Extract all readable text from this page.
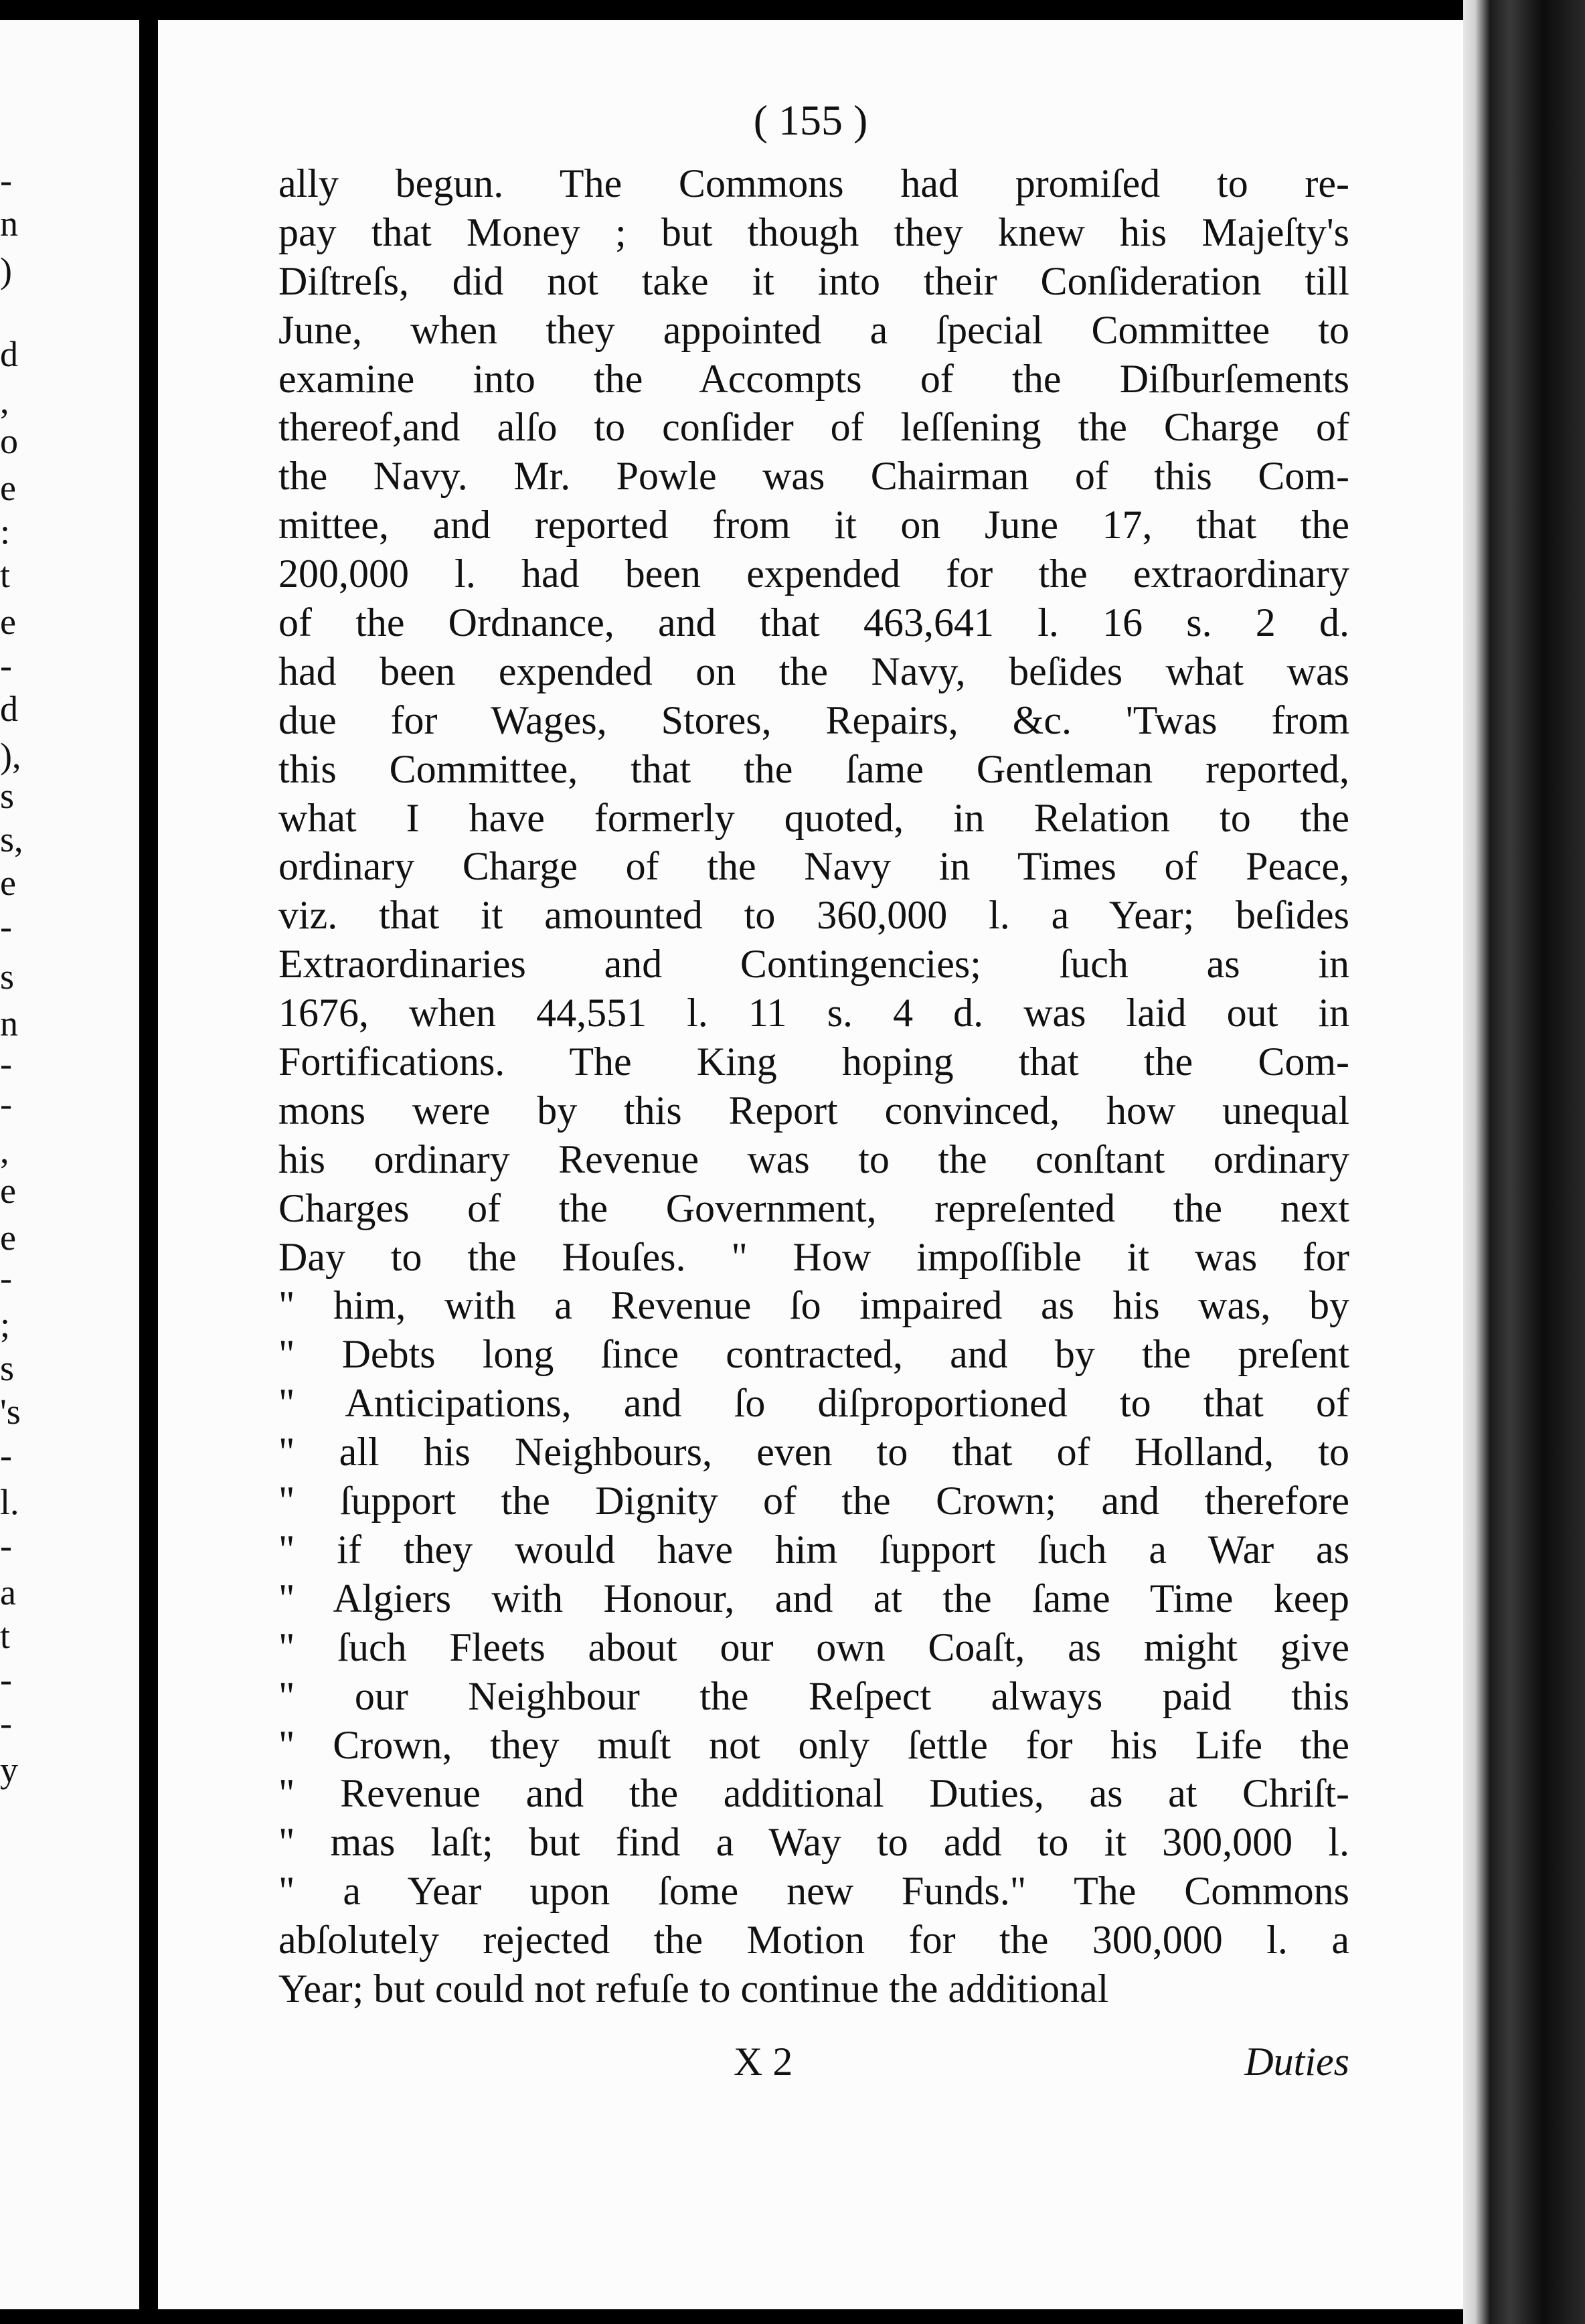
-
n
)
d
,
o
e
:
t
e
-
d
),
s
s,
e
-
s
n
-
-
,
e
e
-
;
s
's
-
l.
-
a
t
-
-
y
( 155 )
ally begun. The Commons had promiſed to re-
pay that Money ; but though they knew his Majeſty's
Diſtreſs, did not take it into their Conſideration till
June, when they appointed a ſpecial Committee to
examine into the Accompts of the Diſburſements
thereof,and alſo to conſider of leſſening the Charge of
the Navy. Mr. Powle was Chairman of this Com-
mittee, and reported from it on June 17, that the
200,000 l. had been expended for the extraordinary
of the Ordnance, and that 463,641 l. 16 s. 2 d.
had been expended on the Navy, beſides what was
due for Wages, Stores, Repairs, &c. 'Twas from
this Committee, that the ſame Gentleman reported,
what I have formerly quoted, in Relation to the
ordinary Charge of the Navy in Times of Peace,
viz. that it amounted to 360,000 l. a Year; beſides
Extraordinaries and Contingencies; ſuch as in
1676, when 44,551 l. 11 s. 4 d. was laid out in
Fortifications. The King hoping that the Com-
mons were by this Report convinced, how unequal
his ordinary Revenue was to the conſtant ordinary
Charges of the Government, repreſented the next
Day to the Houſes. " How impoſſible it was for
" him, with a Revenue ſo impaired as his was, by
" Debts long ſince contracted, and by the preſent
" Anticipations, and ſo diſproportioned to that of
" all his Neighbours, even to that of Holland, to
" ſupport the Dignity of the Crown; and therefore
" if they would have him ſupport ſuch a War as
" Algiers with Honour, and at the ſame Time keep
" ſuch Fleets about our own Coaſt, as might give
" our Neighbour the Reſpect always paid this
" Crown, they muſt not only ſettle for his Life the
" Revenue and the additional Duties, as at Chriſt-
" mas laſt; but find a Way to add to it 300,000 l.
" a Year upon ſome new Funds." The Commons
abſolutely rejected the Motion for the 300,000 l. a
Year; but could not refuſe to continue the additional
X 2	Duties
